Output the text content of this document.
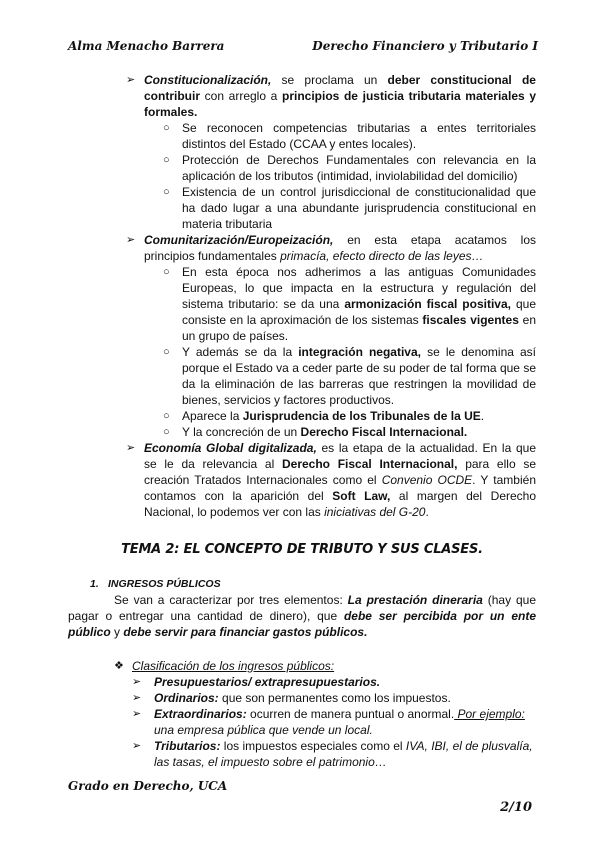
Alma Menacho Barrera	Derecho Financiero y Tributario I

➢ Constitucionalización, se proclama un deber constitucional de contribuir con arreglo a principios de justicia tributaria materiales y formales.

○ Se reconocen competencias tributarias a entes territoriales distintos del Estado (CCAA y entes locales).

○ Protección de Derechos Fundamentales con relevancia en la aplicación de los tributos (intimidad, inviolabilidad del domicilio)

○ Existencia de un control jurisdiccional de constitucionalidad que ha dado lugar a una abundante jurisprudencia constitucional en materia tributaria

➢ Comunitarización/Europeización, en esta etapa acatamos los principios fundamentales primacía, efecto directo de las leyes…

○ En esta época nos adherimos a las antiguas Comunidades Europeas, lo que impacta en la estructura y regulación del sistema tributario: se da una armonización fiscal positiva, que consiste en la aproximación de los sistemas fiscales vigentes en un grupo de países.

○ Y además se da la integración negativa, se le denomina así porque el Estado va a ceder parte de su poder de tal forma que se da la eliminación de las barreras que restringen la movilidad de bienes, servicios y factores productivos.

○ Aparece la Jurisprudencia de los Tribunales de la UE.

○ Y la concreción de un Derecho Fiscal Internacional.

➢ Economía Global digitalizada, es la etapa de la actualidad. En la que se le da relevancia al Derecho Fiscal Internacional, para ello se creación Tratados Internacionales como el Convenio OCDE. Y también contamos con la aparición del Soft Law, al margen del Derecho Nacional, lo podemos ver con las iniciativas del G-20.

TEMA 2: EL CONCEPTO DE TRIBUTO Y SUS CLASES.

1. INGRESOS PÚBLICOS

Se van a caracterizar por tres elementos: La prestación dineraria (hay que pagar o entregar una cantidad de dinero), que debe ser percibida por un ente público y debe servir para financiar gastos públicos.

❖ Clasificación de los ingresos públicos:

➢ Presupuestarios/ extrapresupuestarios.

➢ Ordinarios: que son permanentes como los impuestos.

➢ Extraordinarios: ocurren de manera puntual o anormal. Por ejemplo: una empresa pública que vende un local.

➢ Tributarios: los impuestos especiales como el IVA, IBI, el de plusvalía, las tasas, el impuesto sobre el patrimonio…

Grado en Derecho, UCA
2/10
